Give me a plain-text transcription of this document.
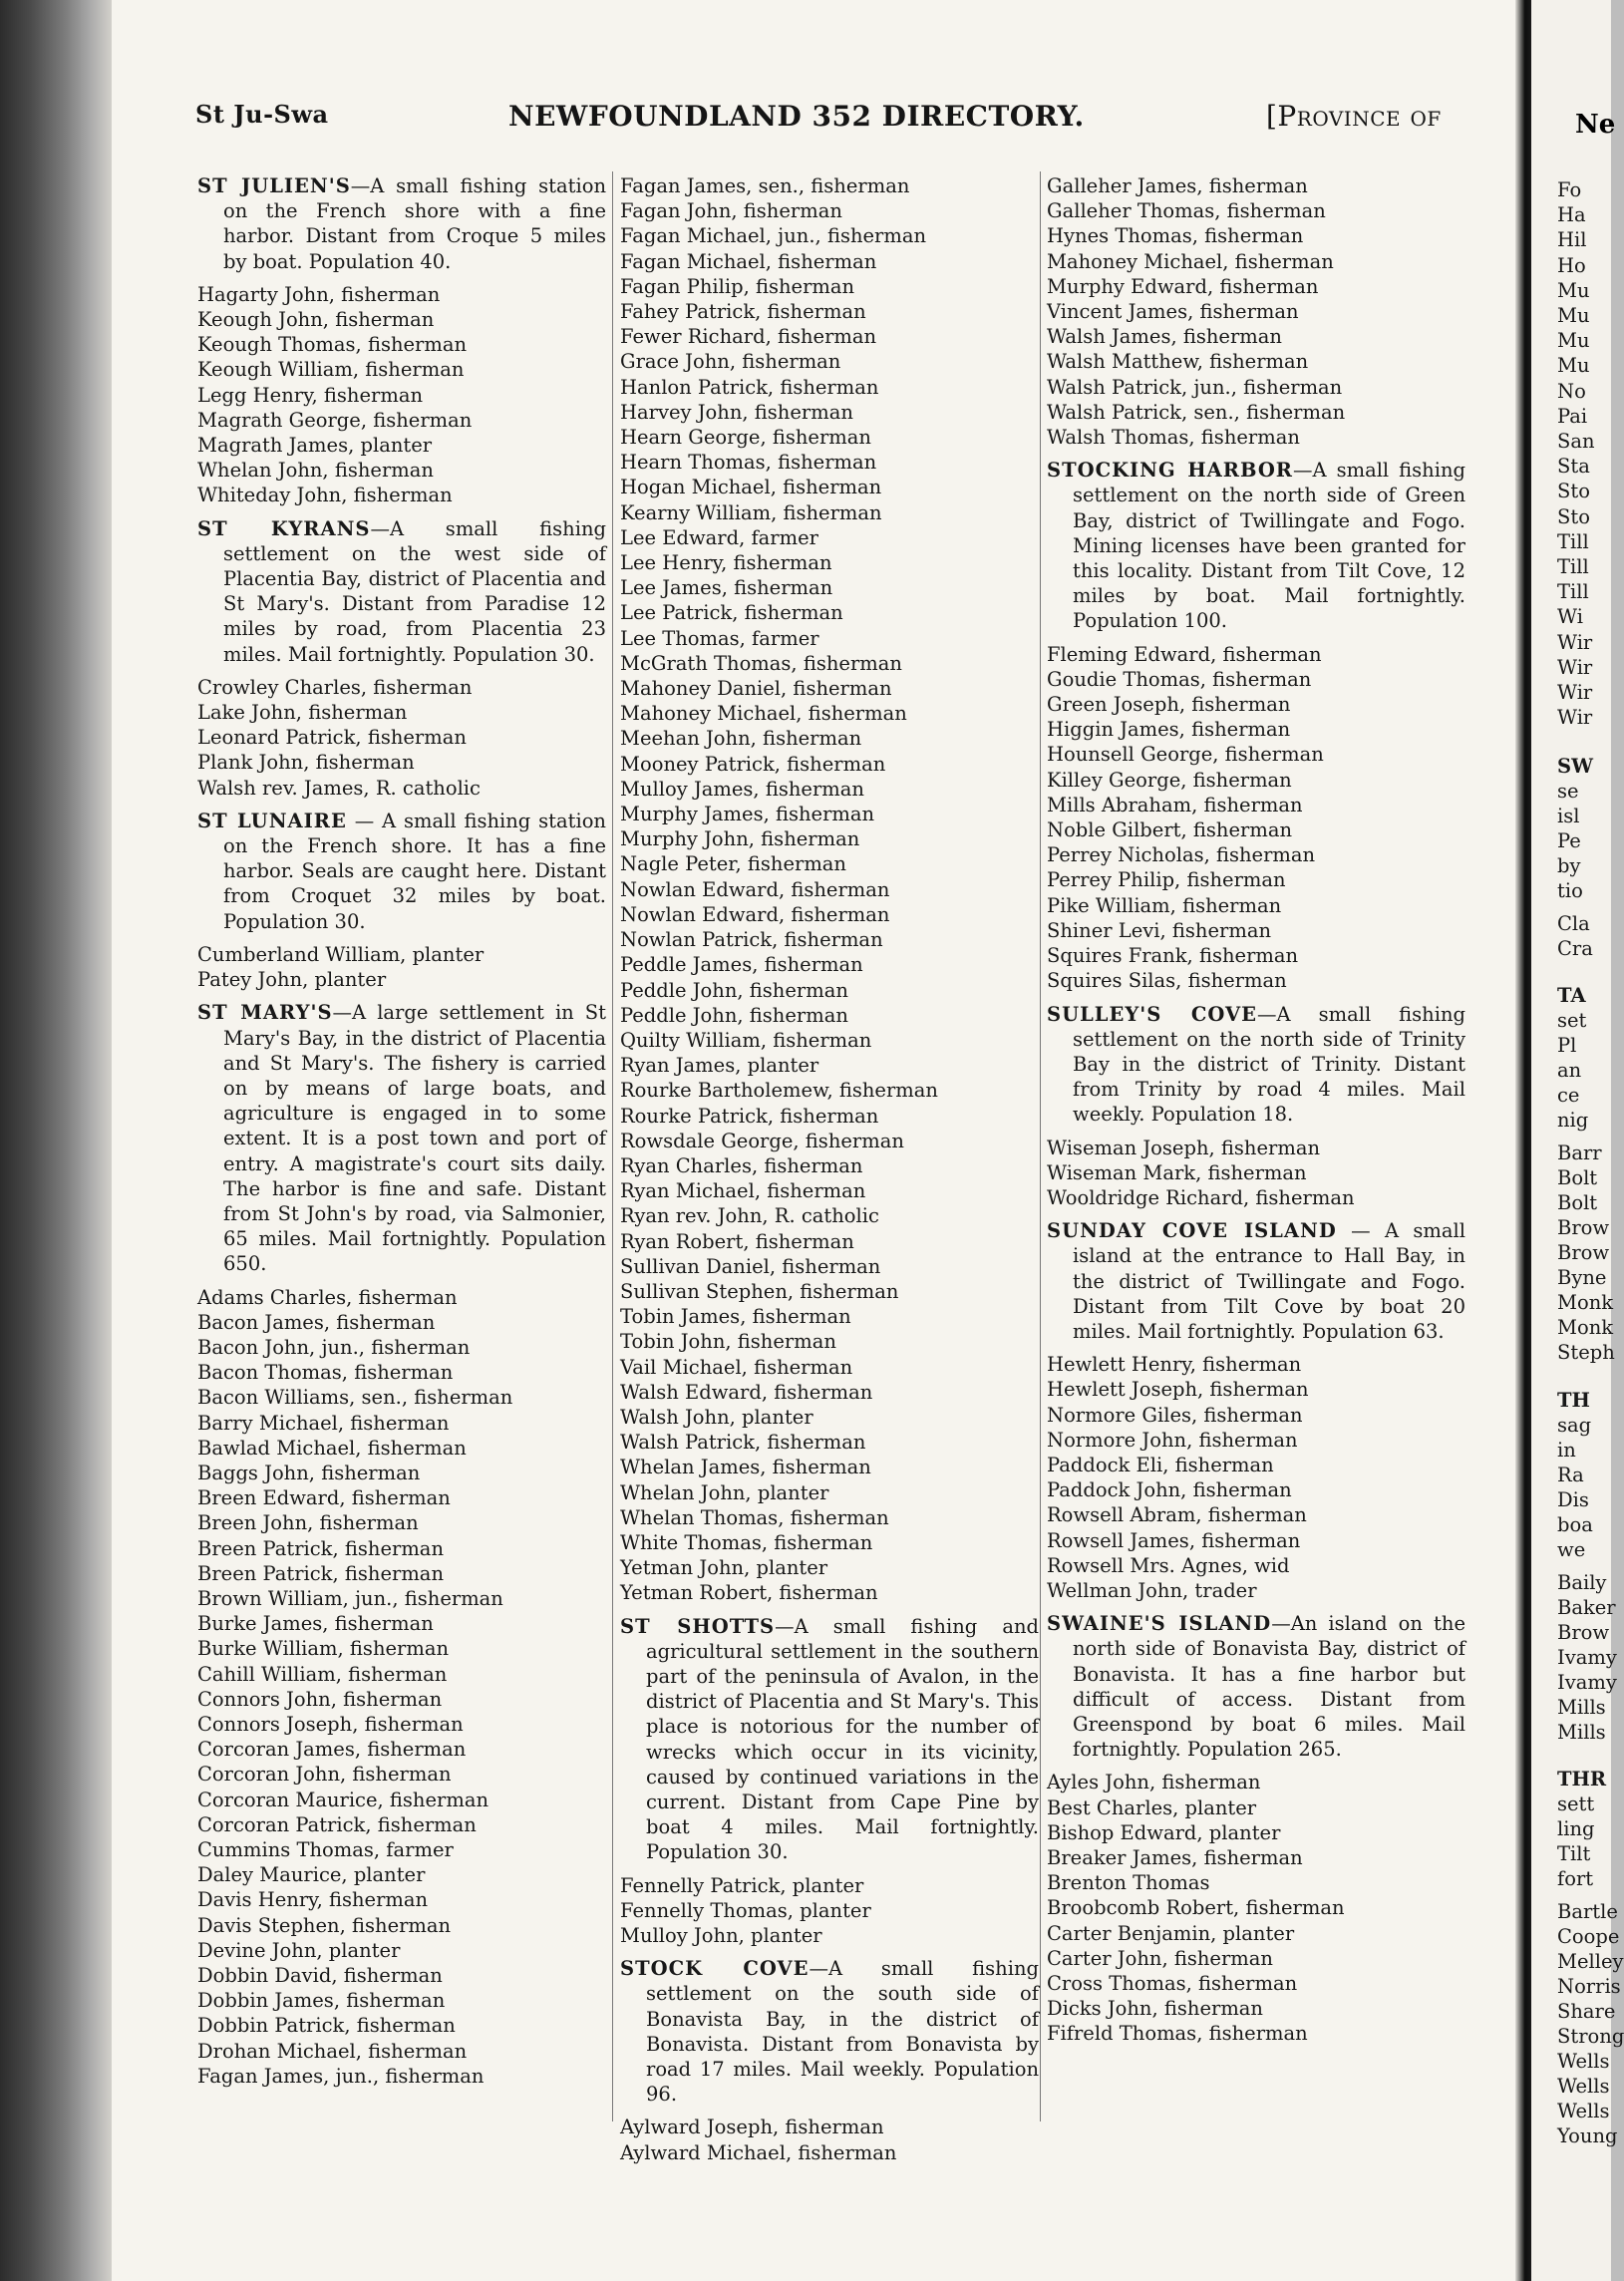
St Ju-Swa	NEWFOUNDLAND 352 DIRECTORY.	[Province of	Ne
ST JULIEN'S—A small fishing station on the French shore with a fine harbor. Distant from Croque 5 miles by boat. Population 40.
Hagarty John, fisherman
Keough John, fisherman
Keough Thomas, fisherman
Keough William, fisherman
Legg Henry, fisherman
Magrath George, fisherman
Magrath James, planter
Whelan John, fisherman
Whiteday John, fisherman
ST KYRANS—A small fishing settlement on the west side of Placentia Bay, district of Placentia and St Mary's. Distant from Paradise 12 miles by road, from Placentia 23 miles. Mail fortnightly. Population 30.
Crowley Charles, fisherman
Lake John, fisherman
Leonard Patrick, fisherman
Plank John, fisherman
Walsh rev. James, R. catholic
ST LUNAIRE — A small fishing station on the French shore. It has a fine harbor. Seals are caught here. Distant from Croquet 32 miles by boat. Population 30.
Cumberland William, planter
Patey John, planter
ST MARY'S—A large settlement in St Mary's Bay, in the district of Placentia and St Mary's. The fishery is carried on by means of large boats, and agriculture is engaged in to some extent. It is a post town and port of entry. A magistrate's court sits daily. The harbor is fine and safe. Distant from St John's by road, via Salmonier, 65 miles. Mail fortnightly. Population 650.
Adams Charles, fisherman
Bacon James, fisherman
Bacon John, jun., fisherman
Bacon Thomas, fisherman
Bacon Williams, sen., fisherman
Barry Michael, fisherman
Bawlad Michael, fisherman
Baggs John, fisherman
Breen Edward, fisherman
Breen John, fisherman
Breen Patrick, fisherman
Breen Patrick, fisherman
Brown William, jun., fisherman
Burke James, fisherman
Burke William, fisherman
Cahill William, fisherman
Connors John, fisherman
Connors Joseph, fisherman
Corcoran James, fisherman
Corcoran John, fisherman
Corcoran Maurice, fisherman
Corcoran Patrick, fisherman
Cummins Thomas, farmer
Daley Maurice, planter
Davis Henry, fisherman
Davis Stephen, fisherman
Devine John, planter
Dobbin David, fisherman
Dobbin James, fisherman
Dobbin Patrick, fisherman
Drohan Michael, fisherman
Fagan James, jun., fisherman
Fagan James, sen., fisherman
Fagan John, fisherman
Fagan Michael, jun., fisherman
Fagan Michael, fisherman
Fagan Philip, fisherman
Fahey Patrick, fisherman
Fewer Richard, fisherman
Grace John, fisherman
Hanlon Patrick, fisherman
Harvey John, fisherman
Hearn George, fisherman
Hearn Thomas, fisherman
Hogan Michael, fisherman
Kearny William, fisherman
Lee Edward, farmer
Lee Henry, fisherman
Lee James, fisherman
Lee Patrick, fisherman
Lee Thomas, farmer
McGrath Thomas, fisherman
Mahoney Daniel, fisherman
Mahoney Michael, fisherman
Meehan John, fisherman
Mooney Patrick, fisherman
Mulloy James, fisherman
Murphy James, fisherman
Murphy John, fisherman
Nagle Peter, fisherman
Nowlan Edward, fisherman
Nowlan Edward, fisherman
Nowlan Patrick, fisherman
Peddle James, fisherman
Peddle John, fisherman
Peddle John, fisherman
Quilty William, fisherman
Ryan James, planter
Rourke Bartholemew, fisherman
Rourke Patrick, fisherman
Rowsdale George, fisherman
Ryan Charles, fisherman
Ryan Michael, fisherman
Ryan rev. John, R. catholic
Ryan Robert, fisherman
Sullivan Daniel, fisherman
Sullivan Stephen, fisherman
Tobin James, fisherman
Tobin John, fisherman
Vail Michael, fisherman
Walsh Edward, fisherman
Walsh John, planter
Walsh Patrick, fisherman
Whelan James, fisherman
Whelan John, planter
Whelan Thomas, fisherman
White Thomas, fisherman
Yetman John, planter
Yetman Robert, fisherman
ST SHOTTS—A small fishing and agricultural settlement in the southern part of the peninsula of Avalon, in the district of Placentia and St Mary's. This place is notorious for the number of wrecks which occur in its vicinity, caused by continued variations in the current. Distant from Cape Pine by boat 4 miles. Mail fortnightly. Population 30.
Fennelly Patrick, planter
Fennelly Thomas, planter
Mulloy John, planter
STOCK COVE—A small fishing settlement on the south side of Bonavista Bay, in the district of Bonavista. Distant from Bonavista by road 17 miles. Mail weekly. Population 96.
Aylward Joseph, fisherman
Aylward Michael, fisherman
Galleher James, fisherman
Galleher Thomas, fisherman
Hynes Thomas, fisherman
Mahoney Michael, fisherman
Murphy Edward, fisherman
Vincent James, fisherman
Walsh James, fisherman
Walsh Matthew, fisherman
Walsh Patrick, jun., fisherman
Walsh Patrick, sen., fisherman
Walsh Thomas, fisherman
STOCKING HARBOR—A small fishing settlement on the north side of Green Bay, district of Twillingate and Fogo. Mining licenses have been granted for this locality. Distant from Tilt Cove, 12 miles by boat. Mail fortnightly. Population 100.
Fleming Edward, fisherman
Goudie Thomas, fisherman
Green Joseph, fisherman
Higgin James, fisherman
Hounsell George, fisherman
Killey George, fisherman
Mills Abraham, fisherman
Noble Gilbert, fisherman
Perrey Nicholas, fisherman
Perrey Philip, fisherman
Pike William, fisherman
Shiner Levi, fisherman
Squires Frank, fisherman
Squires Silas, fisherman
SULLEY'S COVE—A small fishing settlement on the north side of Trinity Bay in the district of Trinity. Distant from Trinity by road 4 miles. Mail weekly. Population 18.
Wiseman Joseph, fisherman
Wiseman Mark, fisherman
Wooldridge Richard, fisherman
SUNDAY COVE ISLAND — A small island at the entrance to Hall Bay, in the district of Twillingate and Fogo. Distant from Tilt Cove by boat 20 miles. Mail fortnightly. Population 63.
Hewlett Henry, fisherman
Hewlett Joseph, fisherman
Normore Giles, fisherman
Normore John, fisherman
Paddock Eli, fisherman
Paddock John, fisherman
Rowsell Abram, fisherman
Rowsell James, fisherman
Rowsell Mrs. Agnes, wid
Wellman John, trader
SWAINE'S ISLAND—An island on the north side of Bonavista Bay, district of Bonavista. It has a fine harbor but difficult of access. Distant from Greenspond by boat 6 miles. Mail fortnightly. Population 265.
Ayles John, fisherman
Best Charles, planter
Bishop Edward, planter
Breaker James, fisherman
Brenton Thomas
Broobcomb Robert, fisherman
Carter Benjamin, planter
Carter John, fisherman
Cross Thomas, fisherman
Dicks John, fisherman
Fifreld Thomas, fisherman
Fo
Ha
Hil
Ho
Mu
Mu
Mu
Mu
No
Pai
San
Sta
Sto
Sto
Till
Till
Till
Wi
Wir
Wir
Wir
Wir
SW
se
isl
Pe
by
tio
Cla
Cra
TA
set
Pl
an
ce
nig
Barr
Bolt
Bolt
Brow
Brow
Byne
Monk
Monk
Steph
TH
sag
in
Ra
Dis
boa
we
Baily
Baker
Brow
Ivamy
Ivamy
Mills
Mills
THR
sett
ling
Tilt
fort
Bartle
Coope
Melley
Norris
Share
Strong
Wells
Wells
Wells
Young
